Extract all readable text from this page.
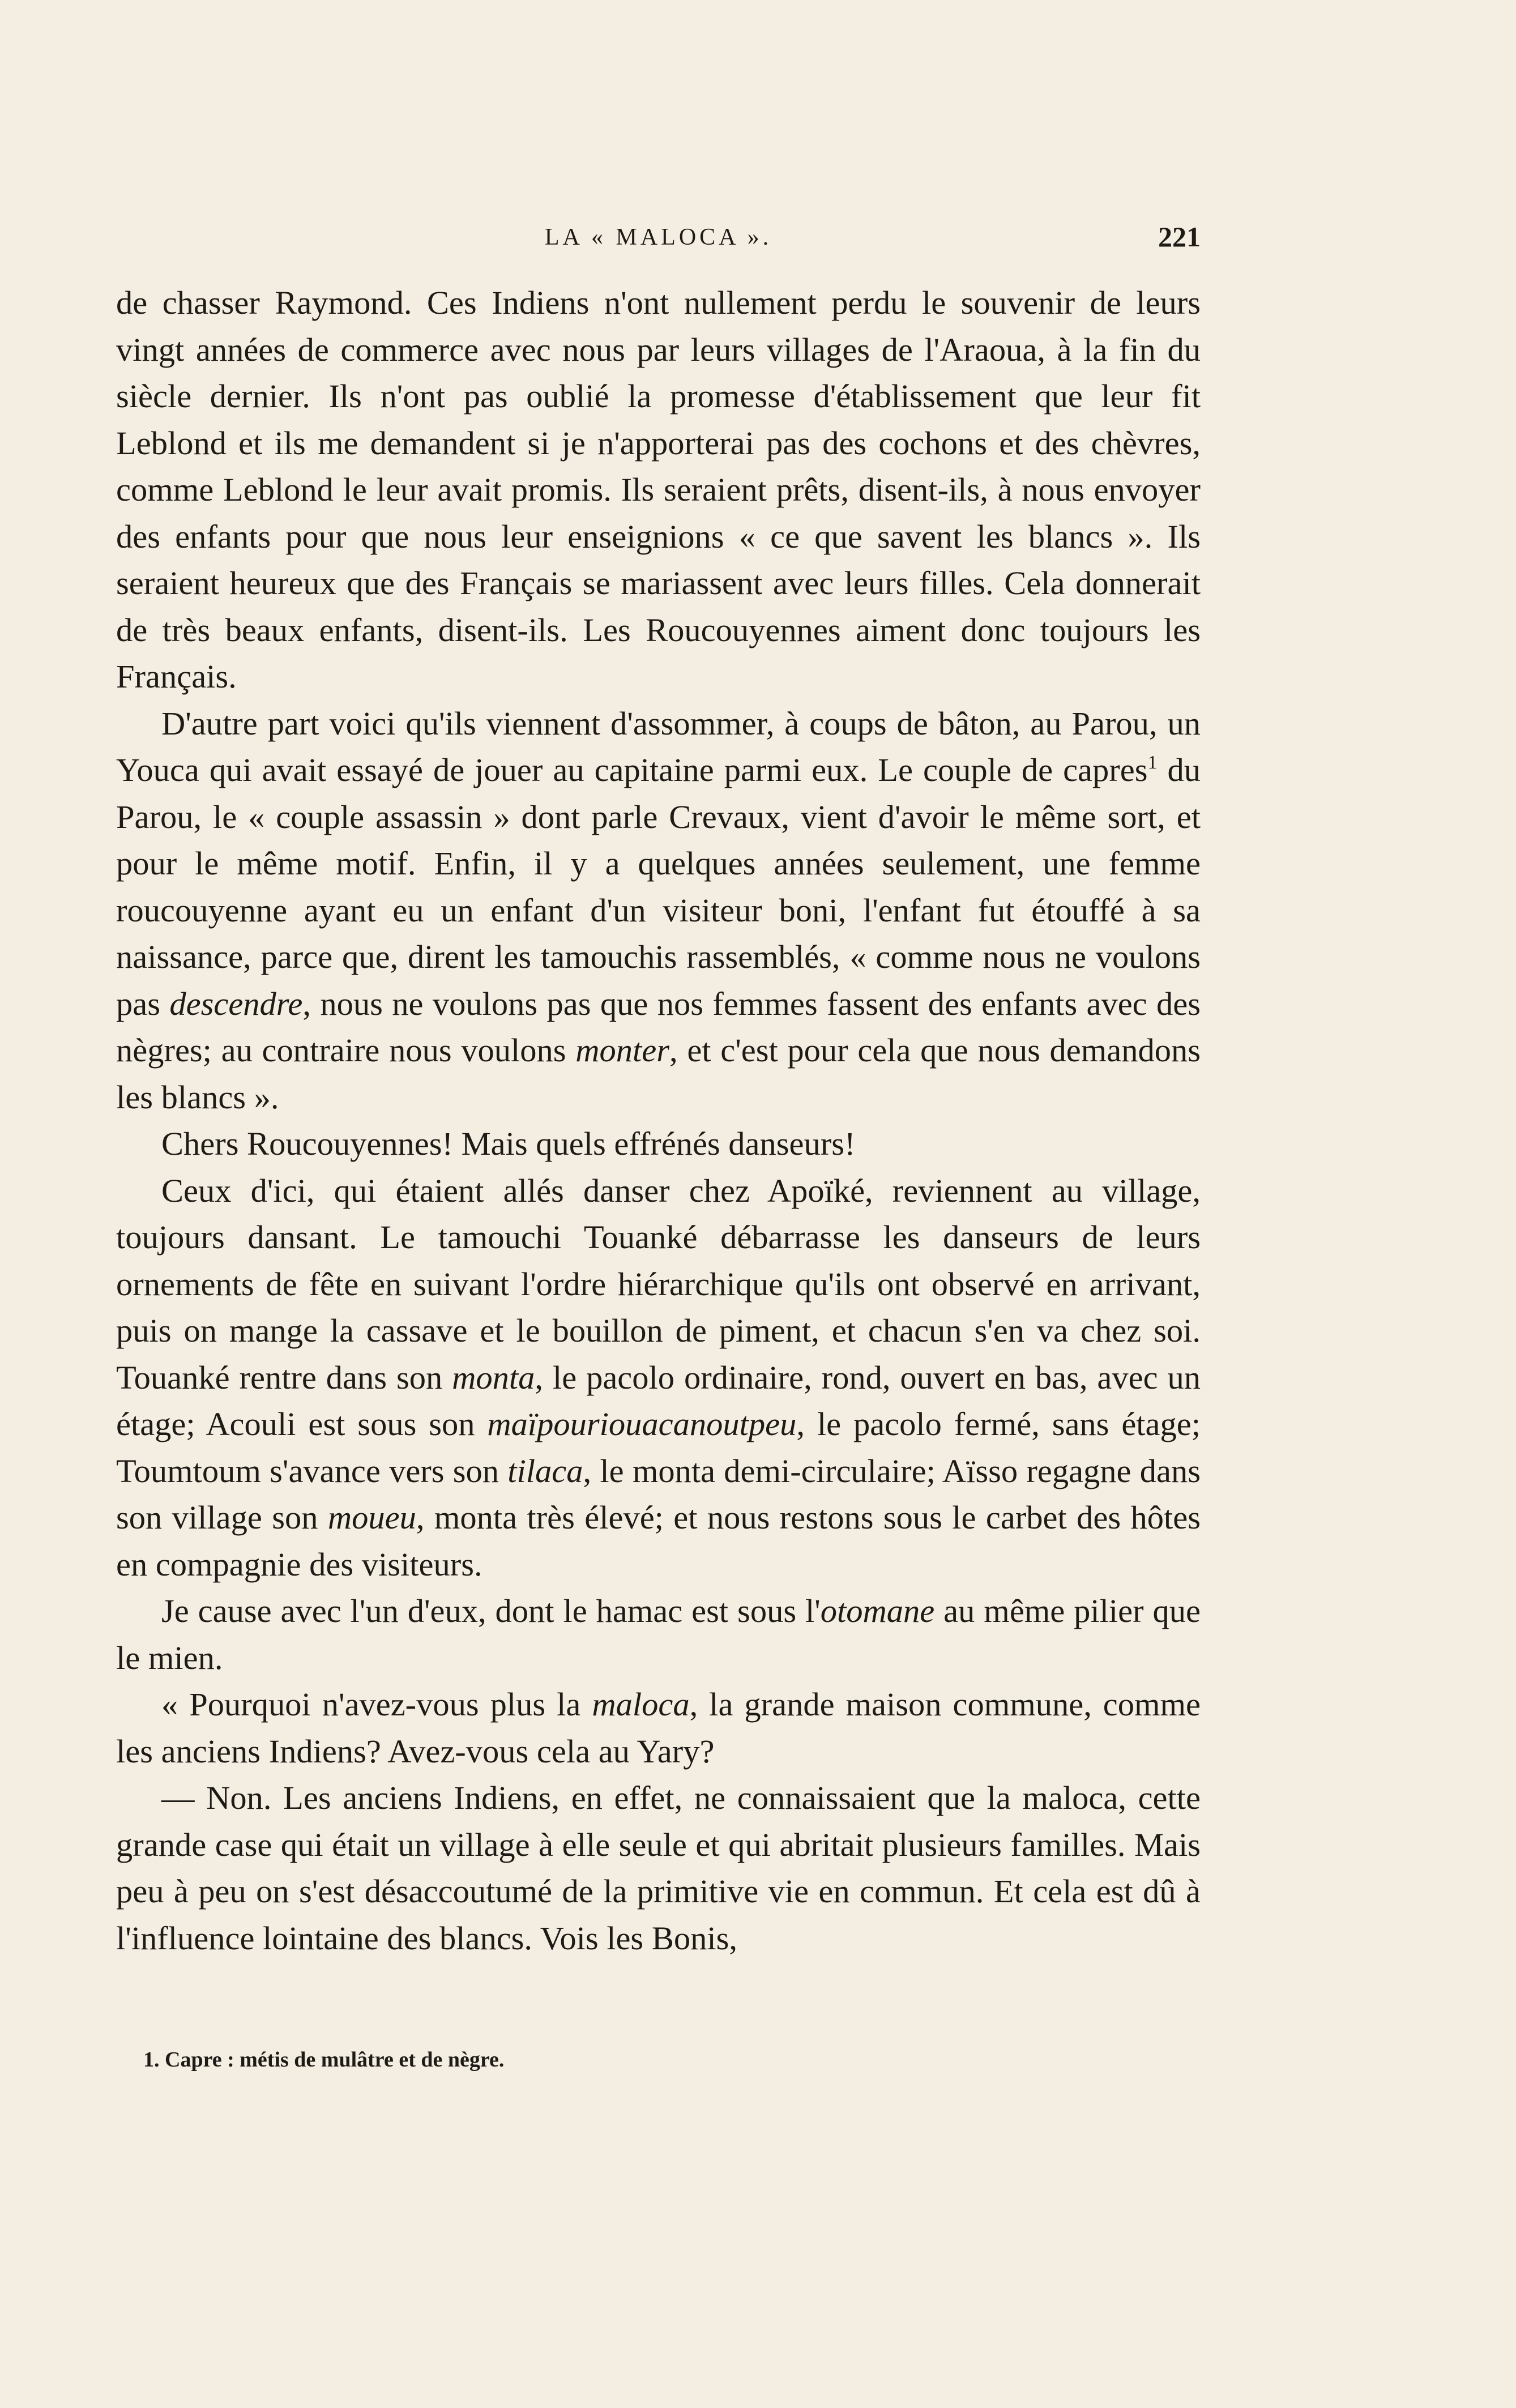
LA « MALOCA ».	221

de chasser Raymond. Ces Indiens n'ont nullement perdu le souvenir de leurs vingt années de commerce avec nous par leurs villages de l'Araoua, à la fin du siècle dernier. Ils n'ont pas oublié la promesse d'établissement que leur fit Leblond et ils me demandent si je n'apporterai pas des cochons et des chèvres, comme Leblond le leur avait promis. Ils seraient prêts, disent-ils, à nous envoyer des enfants pour que nous leur enseignions « ce que savent les blancs ». Ils seraient heureux que des Français se mariassent avec leurs filles. Cela donnerait de très beaux enfants, disent-ils. Les Roucouyennes aiment donc toujours les Français.

D'autre part voici qu'ils viennent d'assommer, à coups de bâton, au Parou, un Youca qui avait essayé de jouer au capitaine parmi eux. Le couple de capres$^1$ du Parou, le « couple assassin » dont parle Crevaux, vient d'avoir le même sort, et pour le même motif. Enfin, il y a quelques années seulement, une femme roucouyenne ayant eu un enfant d'un visiteur boni, l'enfant fut étouffé à sa naissance, parce que, dirent les tamouchis rassemblés, « comme nous ne voulons pas descendre, nous ne voulons pas que nos femmes fassent des enfants avec des nègres; au contraire nous voulons monter, et c'est pour cela que nous demandons les blancs ».

Chers Roucouyennes! Mais quels effrénés danseurs!

Ceux d'ici, qui étaient allés danser chez Apoïké, reviennent au village, toujours dansant. Le tamouchi Touanké débarrasse les danseurs de leurs ornements de fête en suivant l'ordre hiérarchique qu'ils ont observé en arrivant, puis on mange la cassave et le bouillon de piment, et chacun s'en va chez soi. Touanké rentre dans son monta, le pacolo ordinaire, rond, ouvert en bas, avec un étage; Acouli est sous son maïpouriouacanoutpeu, le pacolo fermé, sans étage; Toumtoum s'avance vers son tilaca, le monta demi-circulaire; Aïsso regagne dans son village son moueu, monta très élevé; et nous restons sous le carbet des hôtes en compagnie des visiteurs.

Je cause avec l'un d'eux, dont le hamac est sous l'otomane au même pilier que le mien.

« Pourquoi n'avez-vous plus la maloca, la grande maison commune, comme les anciens Indiens? Avez-vous cela au Yary?

— Non. Les anciens Indiens, en effet, ne connaissaient que la maloca, cette grande case qui était un village à elle seule et qui abritait plusieurs familles. Mais peu à peu on s'est désaccoutumé de la primitive vie en commun. Et cela est dû à l'influence lointaine des blancs. Vois les Bonis,

1. Capre : métis de mulâtre et de nègre.
